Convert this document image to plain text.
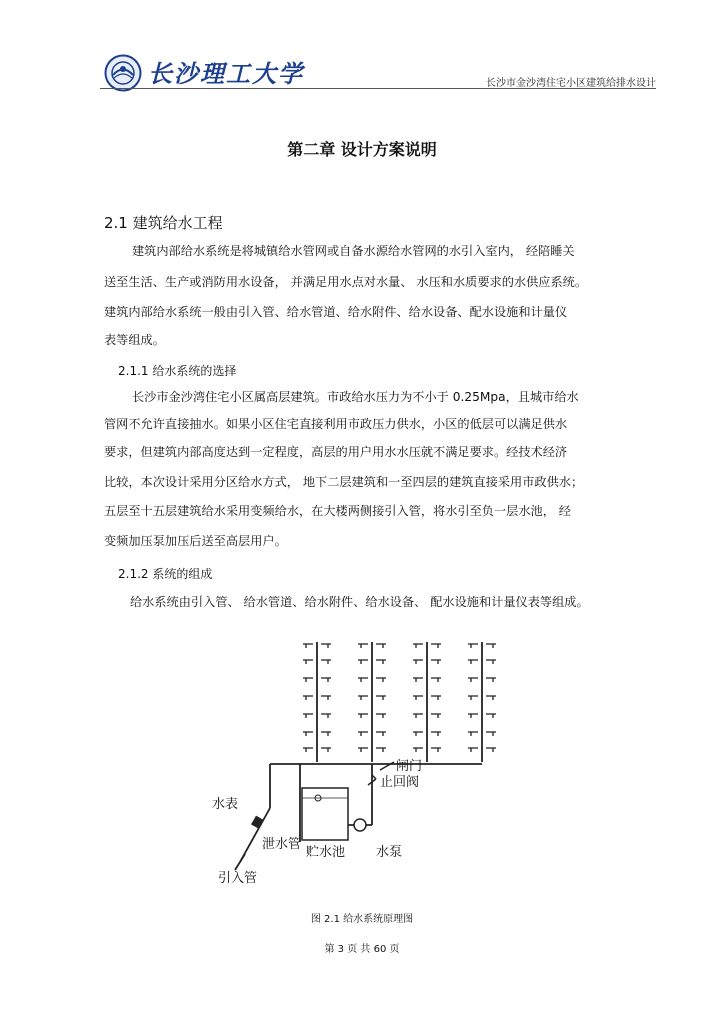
长沙理工大学	长沙市金沙湾住宅小区建筑给排水设计
第二章 设计方案说明
2.1 建筑给水工程
建筑内部给水系统是将城镇给水管网或自备水源给水管网的水引入室内， 经陪睡关
送至生活、生产或消防用水设备， 并满足用水点对水量、 水压和水质要求的水供应系统。
建筑内部给水系统一般由引入管、给水管道、给水附件、给水设备、配水设施和计量仪
表等组成。
2.1.1 给水系统的选择
长沙市金沙湾住宅小区属高层建筑。市政给水压力为不小于 0.25Mpa，且城市给水
管网不允许直接抽水。如果小区住宅直接利用市政压力供水，小区的低层可以满足供水
要求，但建筑内部高度达到一定程度，高层的用户用水水压就不满足要求。经技术经济
比较，本次设计采用分区给水方式， 地下二层建筑和一至四层的建筑直接采用市政供水；
五层至十五层建筑给水采用变频给水，在大楼两侧接引入管，将水引至负一层水池， 经
变频加压泵加压后送至高层用户。
2.1.2 系统的组成
给水系统由引入管、 给水管道、给水附件、给水设备、 配水设施和计量仪表等组成。
闸门
止回阀
水表
泄水管
贮水池 水泵
引入管
图 2.1 给水系统原理图
第 3 页 共 60 页
